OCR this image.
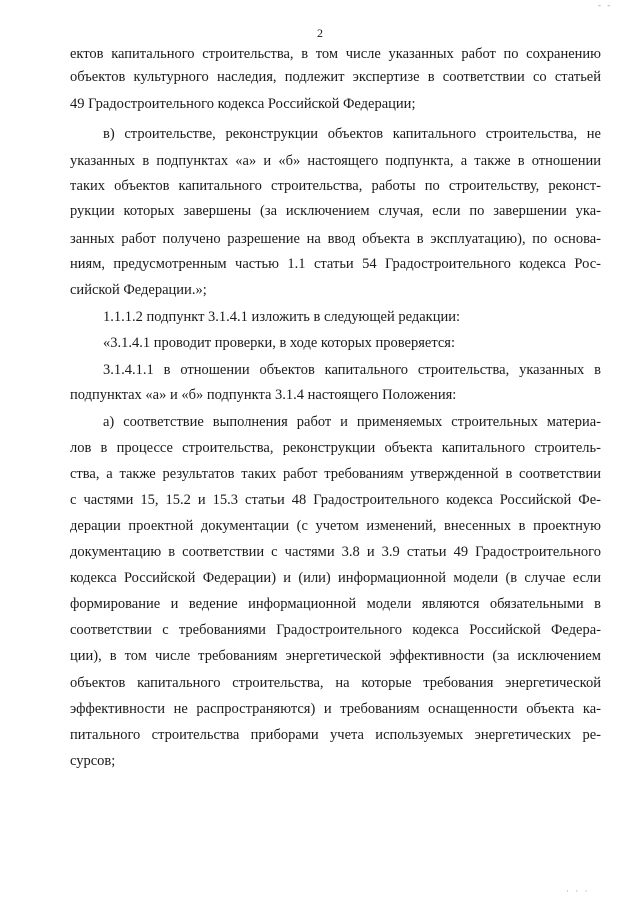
2
ектов капитального строительства, в том числе указанных работ по сохранению
объектов культурного наследия, подлежит экспертизе в соответствии со статьей
49 Градостроительного кодекса Российской Федерации;
в) строительстве, реконструкции объектов капитального строительства, не
указанных в подпунктах «а» и «б» настоящего подпункта, а также в отношении
таких объектов капитального строительства, работы по строительству, реконст-
рукции которых завершены (за исключением случая, если по завершении ука-
занных работ получено разрешение на ввод объекта в эксплуатацию), по основа-
ниям, предусмотренным частью 1.1 статьи 54 Градостроительного кодекса Рос-
сийской Федерации.»;
1.1.1.2 подпункт 3.1.4.1 изложить в следующей редакции:
«3.1.4.1 проводит проверки, в ходе которых проверяется:
3.1.4.1.1 в отношении объектов капитального строительства, указанных в
подпунктах «а» и «б» подпункта 3.1.4 настоящего Положения:
а) соответствие выполнения работ и применяемых строительных материа-
лов в процессе строительства, реконструкции объекта капитального строитель-
ства, а также результатов таких работ требованиям утвержденной в соответствии
с частями 15, 15.2 и 15.3 статьи 48 Градостроительного кодекса Российской Фе-
дерации проектной документации (с учетом изменений, внесенных в проектную
документацию в соответствии с частями 3.8 и 3.9 статьи 49 Градостроительного
кодекса Российской Федерации) и (или) информационной модели (в случае если
формирование и ведение информационной модели являются обязательными в
соответствии с требованиями Градостроительного кодекса Российской Федера-
ции), в том числе требованиям энергетической эффективности (за исключением
объектов капитального строительства, на которые требования энергетической
эффективности не распространяются) и требованиям оснащенности объекта ка-
питального строительства приборами учета используемых энергетических ре-
сурсов;
‐ ‐
· · ·
